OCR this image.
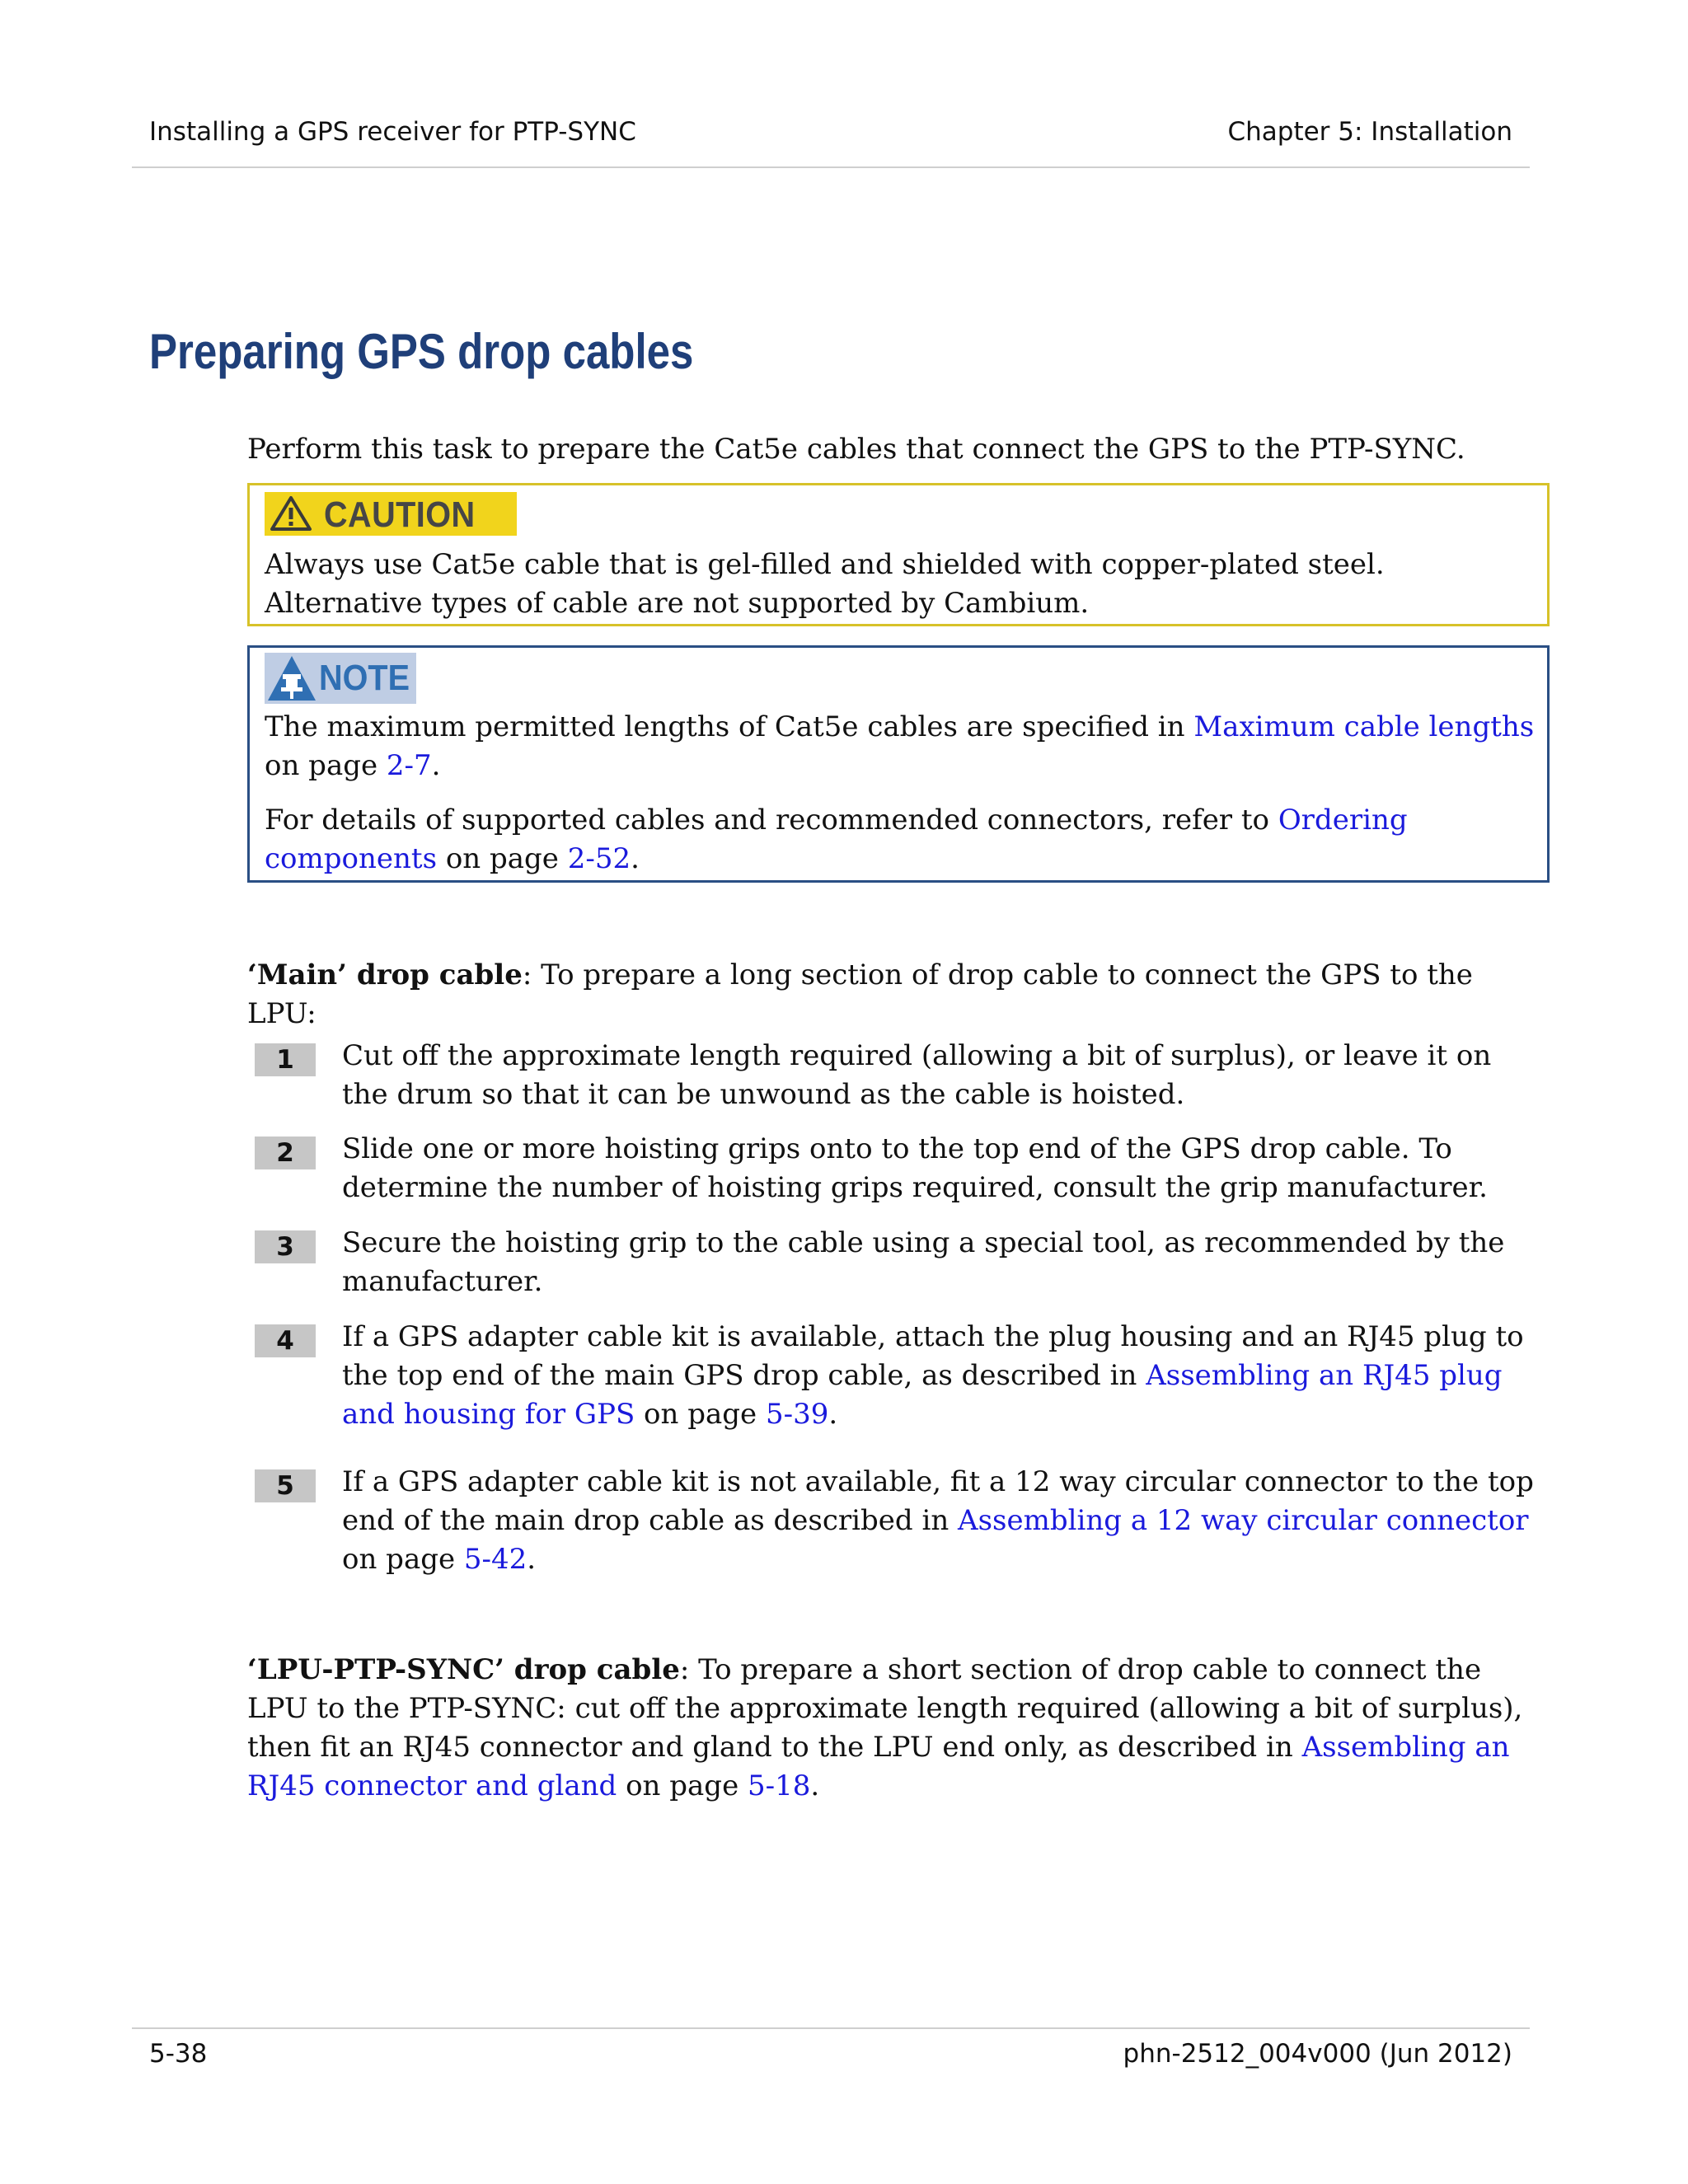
Installing a GPS receiver for PTP-SYNC	Chapter 5: Installation
Preparing GPS drop cables

Perform this task to prepare the Cat5e cables that connect the GPS to the PTP-SYNC.

CAUTION

Always use Cat5e cable that is gel-filled and shielded with copper-plated steel. Alternative types of cable are not supported by Cambium.

NOTE

The maximum permitted lengths of Cat5e cables are specified in Maximum cable lengths on page 2-7.

For details of supported cables and recommended connectors, refer to Ordering components on page 2-52.

‘Main’ drop cable: To prepare a long section of drop cable to connect the GPS to the LPU:

1	Cut off the approximate length required (allowing a bit of surplus), or leave it on the drum so that it can be unwound as the cable is hoisted.

2	Slide one or more hoisting grips onto to the top end of the GPS drop cable. To determine the number of hoisting grips required, consult the grip manufacturer.

3	Secure the hoisting grip to the cable using a special tool, as recommended by the manufacturer.

4	If a GPS adapter cable kit is available, attach the plug housing and an RJ45 plug to the top end of the main GPS drop cable, as described in Assembling an RJ45 plug and housing for GPS on page 5-39.

5	If a GPS adapter cable kit is not available, fit a 12 way circular connector to the top end of the main drop cable as described in Assembling a 12 way circular connector on page 5-42.

‘LPU-PTP-SYNC’ drop cable: To prepare a short section of drop cable to connect the LPU to the PTP-SYNC: cut off the approximate length required (allowing a bit of surplus), then fit an RJ45 connector and gland to the LPU end only, as described in Assembling an RJ45 connector and gland on page 5-18.

5-38	phn-2512_004v000 (Jun 2012)
